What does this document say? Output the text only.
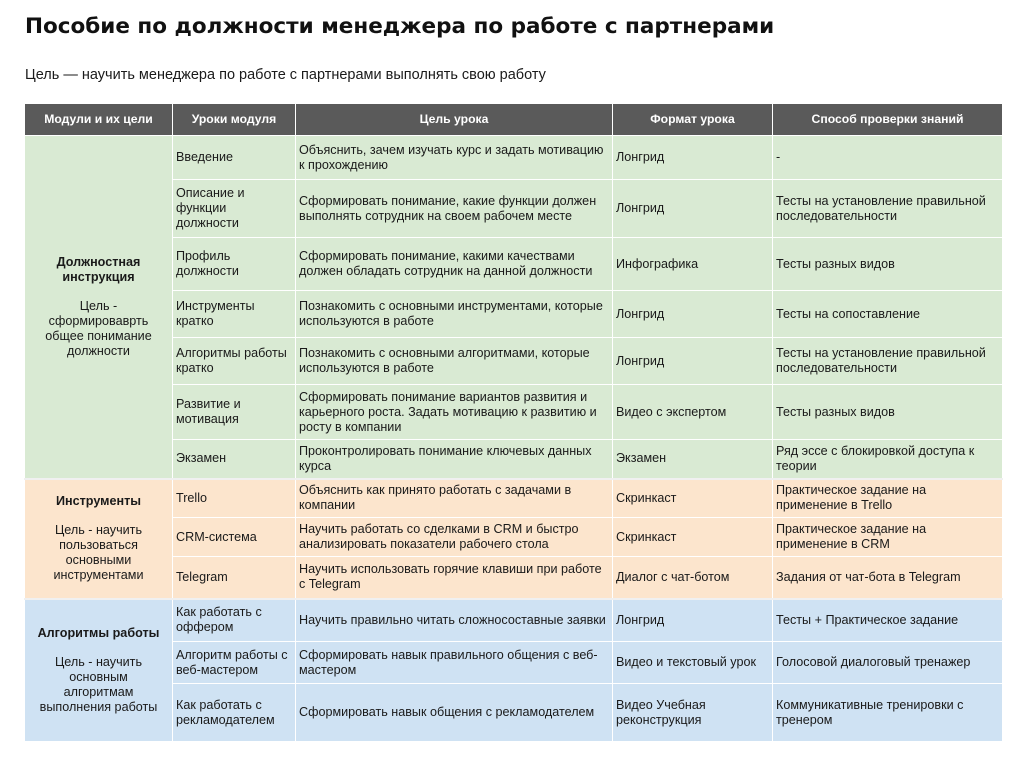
Пособие по должности менеджера по работе с партнерами

Цель — научить менеджера по работе с партнерами выполнять свою работу

Модули и их цели	Уроки модуля	Цель урока	Формат урока	Способ проверки знаний

Должностная инструкция
Цель - сформироваврть общее понимание должности	Введение	Объяснить, зачем изучать курс и задать мотивацию к прохождению	Лонгрид	-
	Описание и функции должности	Сформировать понимание, какие функции должен выполнять сотрудник на своем рабочем месте	Лонгрид	Тесты на установление правильной последовательности
	Профиль должности	Сформировать понимание, какими качествами должен обладать сотрудник на данной должности	Инфографика	Тесты разных видов
	Инструменты кратко	Познакомить с основными инструментами, которые используются в работе	Лонгрид	Тесты на сопоставление
	Алгоритмы работы кратко	Познакомить с основными алгоритмами, которые используются в работе	Лонгрид	Тесты на установление правильной последовательности
	Развитие и мотивация	Сформировать понимание вариантов развития и карьерного роста. Задать мотивацию к развитию и росту в компании	Видео с экспертом	Тесты разных видов
	Экзамен	Проконтролировать понимание ключевых данных курса	Экзамен	Ряд эссе с блокировкой доступа к теории

Инструменты
Цель - научить пользоваться основными инструментами	Trello	Объяснить как принято работать с задачами в компании	Скринкаст	Практическое задание на применение в Trello
	CRM-система	Научить работать со сделками в CRM и быстро анализировать показатели рабочего стола	Скринкаст	Практическое задание на применение в CRM
	Telegram	Научить использовать горячие клавиши при работе с Telegram	Диалог с чат-ботом	Задания от чат-бота в Telegram

Алгоритмы работы
Цель - научить основным алгоритмам выполнения работы	Как работать с оффером	Научить правильно читать сложносоставные заявки	Лонгрид	Тесты + Практическое задание
	Алгоритм работы с веб-мастером	Сформировать навык правильного общения с веб-мастером	Видео и текстовый урок	Голосовой диалоговый тренажер
	Как работать с рекламодателем	Сформировать навык общения с рекламодателем	Видео Учебная реконструкция	Коммуникативные тренировки с тренером
